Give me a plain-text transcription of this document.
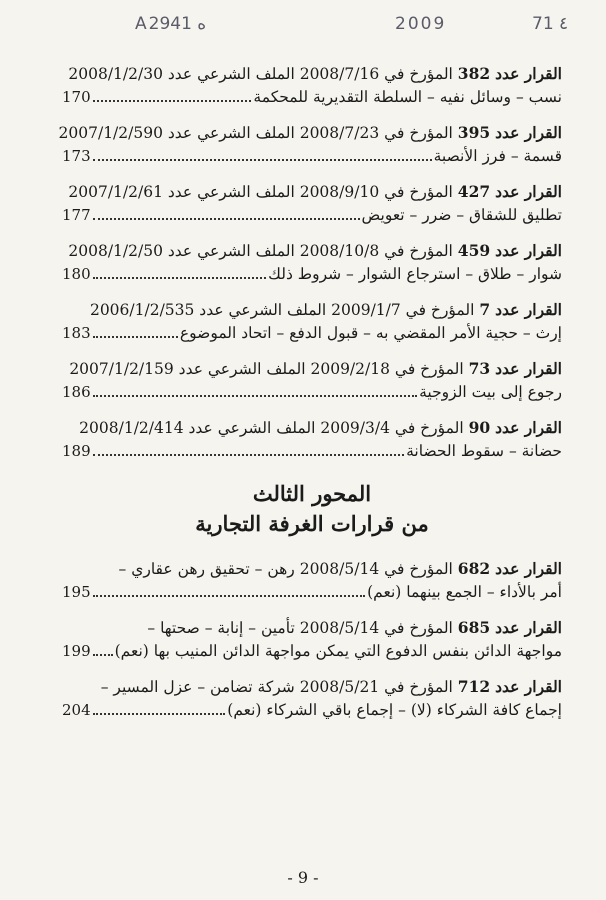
Aه 2941	2009	71 ٤
القرار عدد 382 المؤرخ في 2008/7/16 الملف الشرعي عدد 2008/1/2/30
نسب – وسائل نفيه – السلطة التقديرية للمحكمة
170
القرار عدد 395 المؤرخ في 2008/7/23 الملف الشرعي عدد 2007/1/2/590
قسمة – فرز الأنصبة
173
القرار عدد 427 المؤرخ في 2008/9/10 الملف الشرعي عدد 2007/1/2/61
تطليق للشقاق – ضرر – تعويض
177
القرار عدد 459 المؤرخ في 2008/10/8 الملف الشرعي عدد 2008/1/2/50
شوار – طلاق – استرجاع الشوار – شروط ذلك
180
القرار عدد 7 المؤرخ في 2009/1/7 الملف الشرعي عدد 2006/1/2/535
إرث – حجية الأمر المقضي به – قبول الدفع – اتحاد الموضوع
183
القرار عدد 73 المؤرخ في 2009/2/18 الملف الشرعي عدد 2007/1/2/159
رجوع إلى بيت الزوجية
186
القرار عدد 90 المؤرخ في 2009/3/4 الملف الشرعي عدد 2008/1/2/414
حضانة – سقوط الحضانة
189
المحور الثالث
من قرارات الغرفة التجارية
القرار عدد 682 المؤرخ في 2008/5/14 رهن – تحقيق رهن عقاري –
أمر بالأداء – الجمع بينهما (نعم)
195
القرار عدد 685 المؤرخ في 2008/5/14 تأمين – إنابة – صحتها –
مواجهة الدائن بنفس الدفوع التي يمكن مواجهة الدائن المنيب بها (نعم)
199
القرار عدد 712 المؤرخ في 2008/5/21 شركة تضامن – عزل المسير –
إجماع كافة الشركاء (لا) – إجماع باقي الشركاء (نعم)
204
- 9 -
